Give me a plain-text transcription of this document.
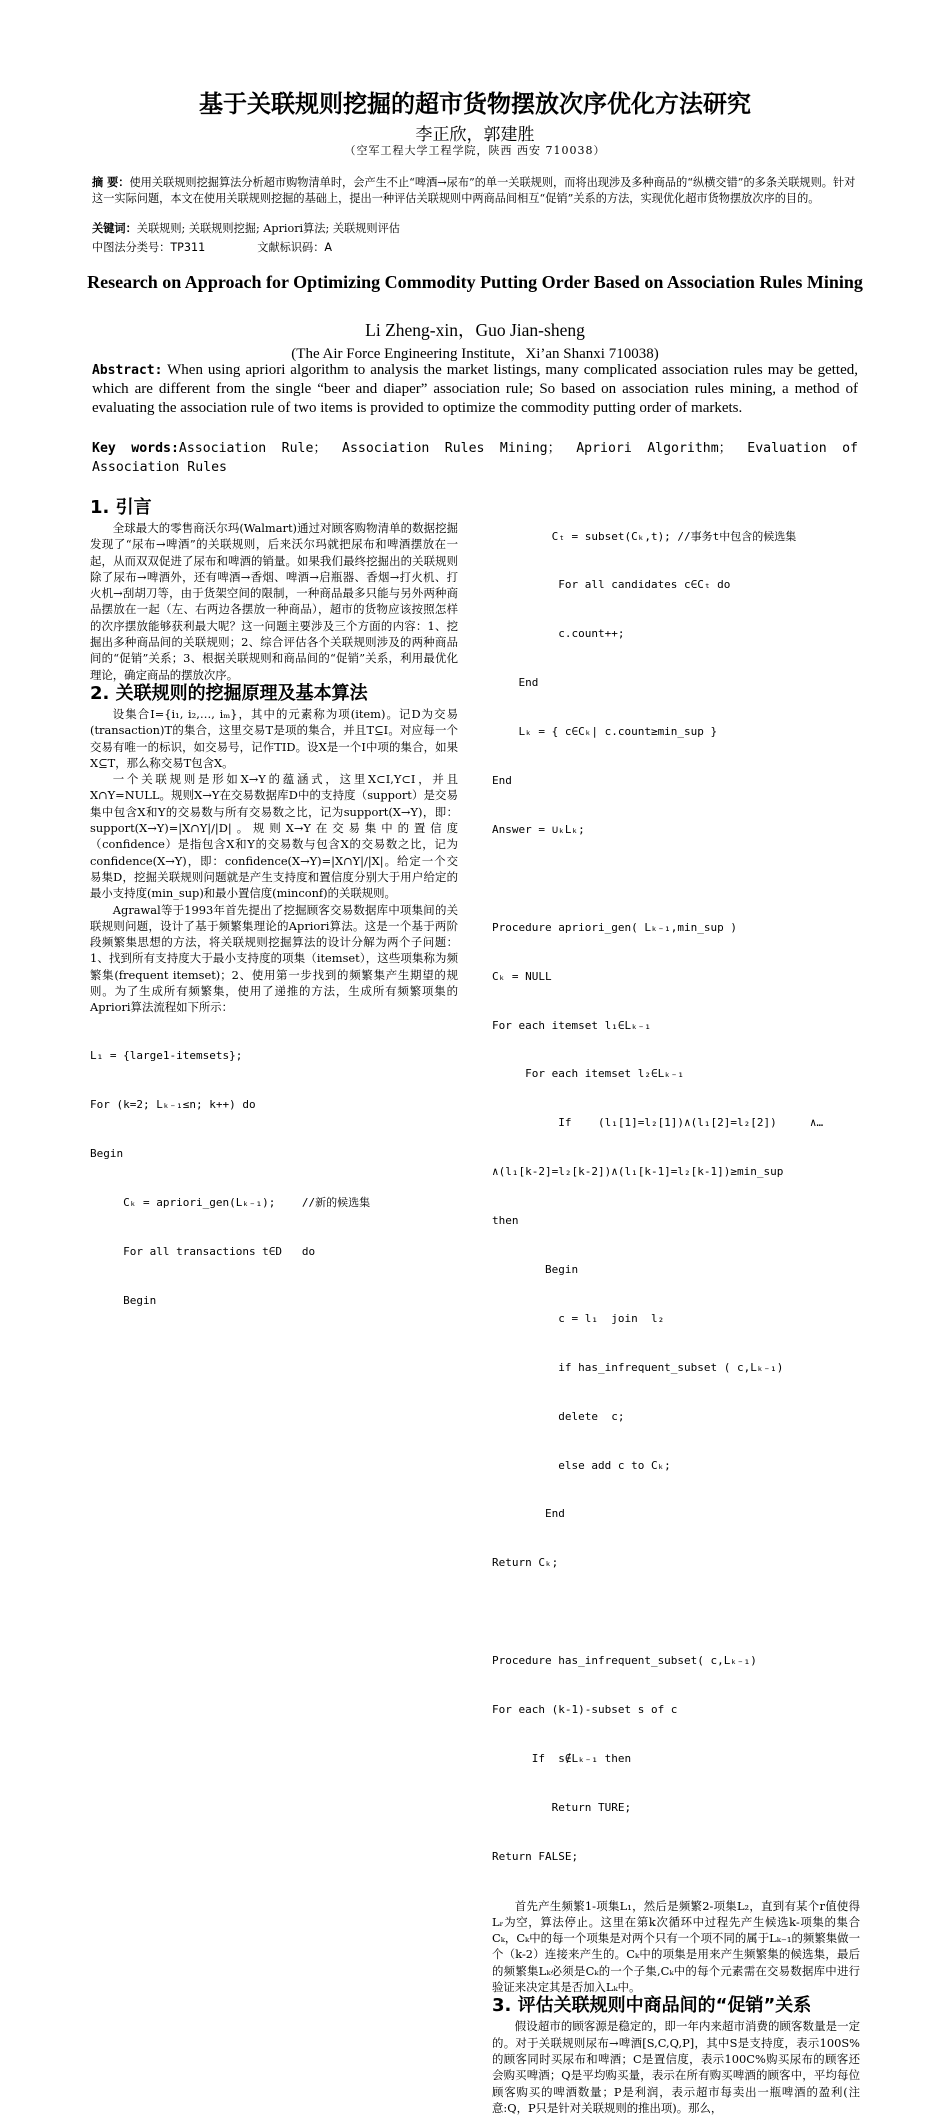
基于关联规则挖掘的超市货物摆放次序优化方法研究
李正欣，郭建胜
（空军工程大学工程学院，陕西 西安 710038）
摘 要：使用关联规则挖掘算法分析超市购物清单时，会产生不止“啤酒→尿布”的单一关联规则，而将出现涉及多种商品的“纵横交错”的多条关联规则。针对这一实际问题，本文在使用关联规则挖掘的基础上，提出一种评估关联规则中两商品间相互“促销”关系的方法，实现优化超市货物摆放次序的目的。
关键词：关联规则; 关联规则挖掘; Apriori算法; 关联规则评估
中图法分类号：TP311	文献标识码：A
Research on Approach for Optimizing Commodity Putting Order Based on Association Rules Mining
Li Zheng-xin，Guo Jian-sheng
(The Air Force Engineering Institute，Xi’an Shanxi 710038)
Abstract: When using apriori algorithm to analysis the market listings, many complicated association rules may be getted, which are different from the single “beer and diaper” association rule; So based on association rules mining, a method of evaluating the association rule of two items is provided to optimize the commodity putting order of markets.
Key words:Association Rule； Association Rules Mining； Apriori Algorithm； Evaluation of Association Rules
1. 引言

全球最大的零售商沃尔玛(Walmart)通过对顾客购物清单的数据挖掘发现了“尿布→啤酒”的关联规则，后来沃尔玛就把尿布和啤酒摆放在一起，从而双双促进了尿布和啤酒的销量。如果我们最终挖掘出的关联规则除了尿布→啤酒外，还有啤酒→香烟、啤酒→启瓶器、香烟→打火机、打火机→刮胡刀等，由于货架空间的限制，一种商品最多只能与另外两种商品摆放在一起（左、右两边各摆放一种商品），超市的货物应该按照怎样的次序摆放能够获利最大呢？这一问题主要涉及三个方面的内容：1、挖掘出多种商品间的关联规则；2、综合评估各个关联规则涉及的两种商品间的“促销”关系；3、根据关联规则和商品间的“促销”关系，利用最优化理论，确定商品的摆放次序。

2. 关联规则的挖掘原理及基本算法

设集合I={i₁, i₂,…, iₘ}，其中的元素称为项(item)。记D为交易(transaction)T的集合，这里交易T是项的集合，并且T⊆I。对应每一个交易有唯一的标识，如交易号，记作TID。设X是一个I中项的集合，如果X⊆T，那么称交易T包含X。

一个关联规则是形如X→Y的蕴涵式，这里X⊂I,Y⊂I，并且X∩Y=NULL。规则X→Y在交易数据库D中的支持度（support）是交易集中包含X和Y的交易数与所有交易数之比，记为support(X→Y)，即：support(X→Y)=|X∩Y|/|D|。规则X→Y在交易集中的置信度（confidence）是指包含X和Y的交易数与包含X的交易数之比，记为confidence(X→Y)，即：confidence(X→Y)=|X∩Y|/|X|。给定一个交易集D，挖掘关联规则问题就是产生支持度和置信度分别大于用户给定的最小支持度(min_sup)和最小置信度(minconf)的关联规则。

Agrawal等于1993年首先提出了挖掘顾客交易数据库中项集间的关联规则问题，设计了基于频繁集理论的Apriori算法。这是一个基于两阶段频繁集思想的方法，将关联规则挖掘算法的设计分解为两个子问题：1、找到所有支持度大于最小支持度的项集（itemset），这些项集称为频繁集(frequent itemset)；2、使用第一步找到的频繁集产生期望的规则。为了生成所有频繁集，使用了递推的方法，生成所有频繁项集的Apriori算法流程如下所示：

L₁ = {large1-itemsets};

For (k=2; Lₖ₋₁≤n; k++) do

Begin

Cₖ = apriori_gen(Lₖ₋₁);    //新的候选集

For all transactions t∈D   do

Begin

Cₜ = subset(Cₖ,t); //事务t中包含的候选集

For all candidates c∈Cₜ do

c.count++;

End

Lₖ = { c∈Cₖ| c.count≥min_sup }

End

Answer = ∪ₖLₖ;

Procedure apriori_gen( Lₖ₋₁,min_sup )

Cₖ = NULL

For each itemset l₁∈Lₖ₋₁

For each itemset l₂∈Lₖ₋₁

If    (l₁[1]=l₂[1])∧(l₁[2]=l₂[2])     ∧…

∧(l₁[k-2]=l₂[k-2])∧(l₁[k-1]=l₂[k-1])≥min_sup

then

Begin

c = l₁  join  l₂

if has_infrequent_subset ( c,Lₖ₋₁)

delete  c;

else add c to Cₖ;

End

Return Cₖ;

Procedure has_infrequent_subset( c,Lₖ₋₁)

For each (k-1)-subset s of c

If  s∉Lₖ₋₁ then

Return TURE;

Return FALSE;

首先产生频繁1-项集L₁，然后是频繁2-项集L₂，直到有某个r值使得Lᵣ为空，算法停止。这里在第k次循环中过程先产生候选k-项集的集合Cₖ，Cₖ中的每一个项集是对两个只有一个项不同的属于Lₖ₋₁的频繁集做一个（k-2）连接来产生的。Cₖ中的项集是用来产生频繁集的候选集，最后的频繁集Lₖ必须是Cₖ的一个子集,Cₖ中的每个元素需在交易数据库中进行验证来决定其是否加入Lₖ中。

3. 评估关联规则中商品间的“促销”关系

假设超市的顾客源是稳定的，即一年内来超市消费的顾客数量是一定的。对于关联规则尿布→啤酒[S,C,Q,P]，其中S是支持度，表示100S%的顾客同时买尿布和啤酒；C是置信度，表示100C%购买尿布的顾客还会购买啤酒；Q是平均购买量，表示在所有购买啤酒的顾客中，平均每位顾客购买的啤酒数量；P是利润，表示超市每卖出一瓶啤酒的盈利(注意:Q，P只是针对关联规则的推出项)。那么，
